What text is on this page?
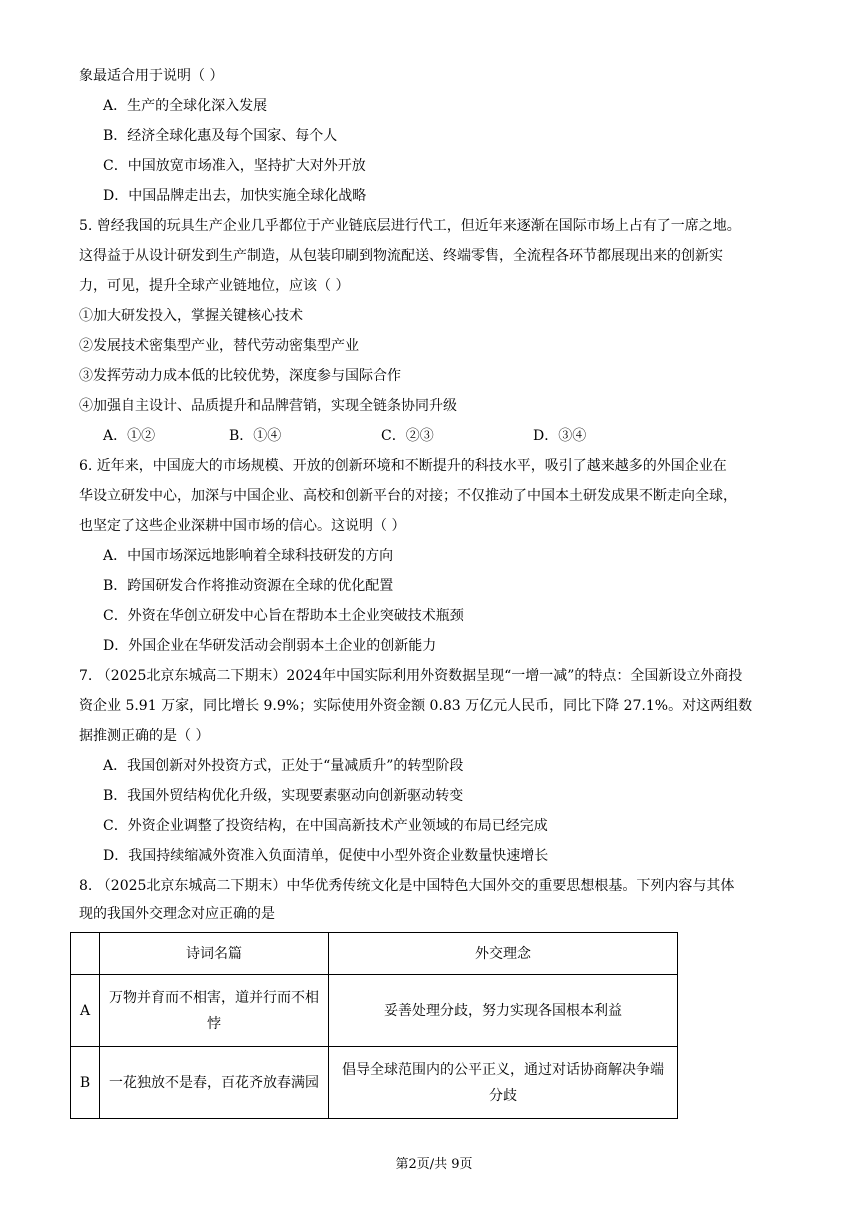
象最适合用于说明（ ）
A．生产的全球化深入发展
B．经济全球化惠及每个国家、每个人
C．中国放宽市场准入，坚持扩大对外开放
D．中国品牌走出去，加快实施全球化战略
5. 曾经我国的玩具生产企业几乎都位于产业链底层进行代工，但近年来逐渐在国际市场上占有了一席之地。
这得益于从设计研发到生产制造，从包装印刷到物流配送、终端零售，全流程各环节都展现出来的创新实
力，可见，提升全球产业链地位，应该（ ）
①加大研发投入，掌握关键核心技术
②发展技术密集型产业，替代劳动密集型产业
③发挥劳动力成本低的比较优势，深度参与国际合作
④加强自主设计、品质提升和品牌营销，实现全链条协同升级
A．①②	B．①④	C．②③	D．③④
6. 近年来，中国庞大的市场规模、开放的创新环境和不断提升的科技水平，吸引了越来越多的外国企业在
华设立研发中心，加深与中国企业、高校和创新平台的对接；不仅推动了中国本土研发成果不断走向全球，
也坚定了这些企业深耕中国市场的信心。这说明（ ）
A．中国市场深远地影响着全球科技研发的方向
B．跨国研发合作将推动资源在全球的优化配置
C．外资在华创立研发中心旨在帮助本土企业突破技术瓶颈
D．外国企业在华研发活动会削弱本土企业的创新能力
7. （2025北京东城高二下期末）2024年中国实际利用外资数据呈现“一增一减”的特点：全国新设立外商投
资企业 5.91 万家，同比增长 9.9%；实际使用外资金额 0.83 万亿元人民币，同比下降 27.1%。对这两组数
据推测正确的是（ ）
A．我国创新对外投资方式，正处于“量减质升”的转型阶段
B．我国外贸结构优化升级，实现要素驱动向创新驱动转变
C．外资企业调整了投资结构，在中国高新技术产业领域的布局已经完成
D．我国持续缩减外资准入负面清单，促使中小型外资企业数量快速增长
8. （2025北京东城高二下期末）中华优秀传统文化是中国特色大国外交的重要思想根基。下列内容与其体
现的我国外交理念对应正确的是
	诗词名篇	外交理念
A	万物并育而不相害，道并行而不相悖	妥善处理分歧，努力实现各国根本利益
B	一花独放不是春，百花齐放春满园	倡导全球范围内的公平正义，通过对话协商解决争端分歧
第2页/共 9页
